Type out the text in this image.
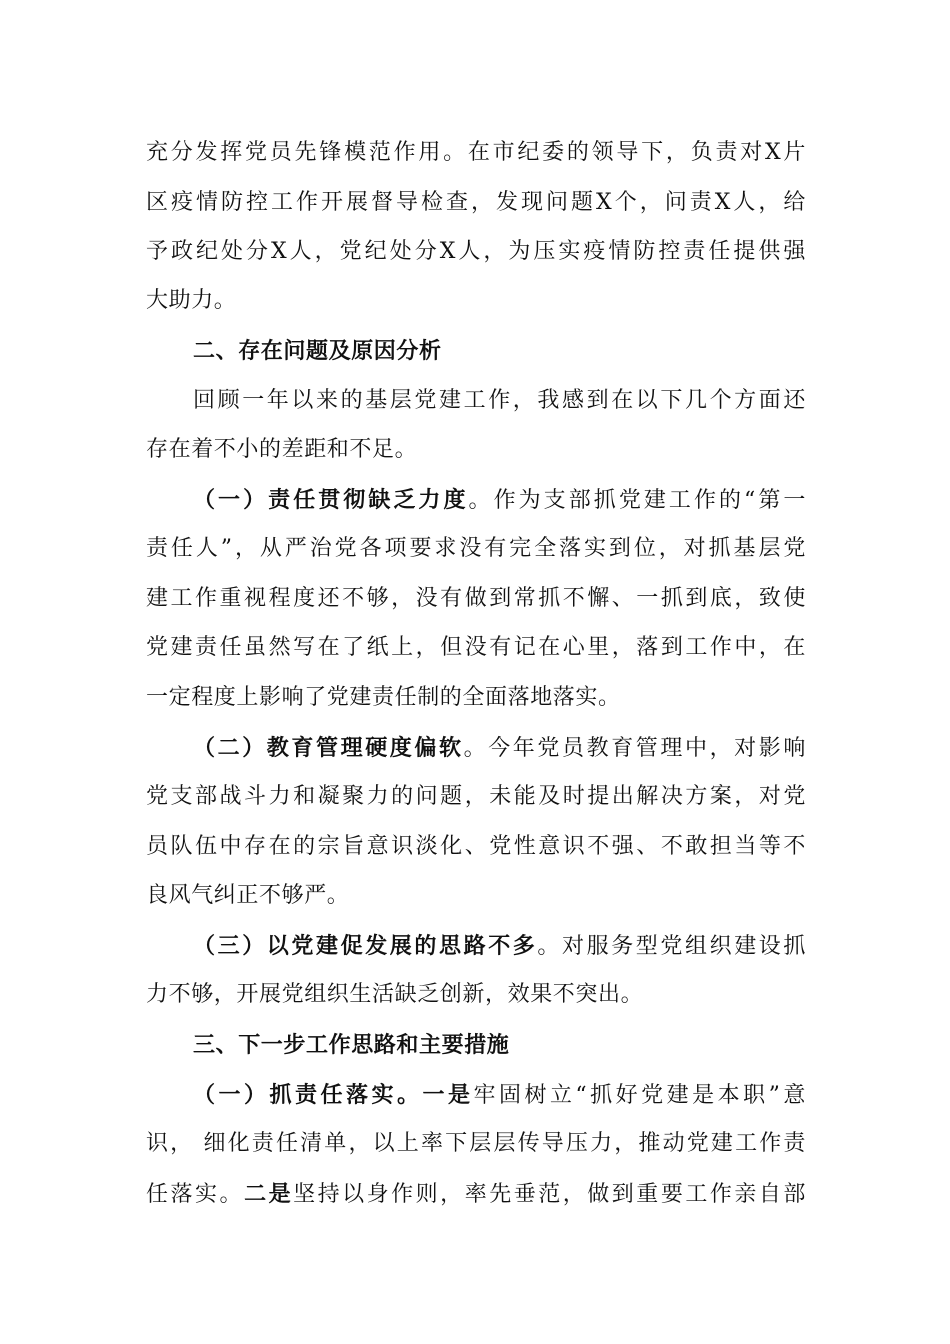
充分发挥党员先锋模范作用。在市纪委的领导下，负责对X片
区疫情防控工作开展督导检查，发现问题X个，问责X人，给
予政纪处分X人，党纪处分X人，为压实疫情防控责任提供强
大助力。
二、存在问题及原因分析
回顾一年以来的基层党建工作，我感到在以下几个方面还
存在着不小的差距和不足。
（一）责任贯彻缺乏力度。作为支部抓党建工作的“第一
责任人”，从严治党各项要求没有完全落实到位，对抓基层党
建工作重视程度还不够，没有做到常抓不懈、一抓到底，致使
党建责任虽然写在了纸上，但没有记在心里，落到工作中，在
一定程度上影响了党建责任制的全面落地落实。
（二）教育管理硬度偏软。今年党员教育管理中，对影响
党支部战斗力和凝聚力的问题，未能及时提出解决方案，对党
员队伍中存在的宗旨意识淡化、党性意识不强、不敢担当等不
良风气纠正不够严。
（三）以党建促发展的思路不多。对服务型党组织建设抓
力不够，开展党组织生活缺乏创新，效果不突出。
三、下一步工作思路和主要措施
（一）抓责任落实。一是牢固树立“抓好党建是本职”意
识， 细化责任清单，以上率下层层传导压力，推动党建工作责
任落实。二是坚持以身作则，率先垂范，做到重要工作亲自部
